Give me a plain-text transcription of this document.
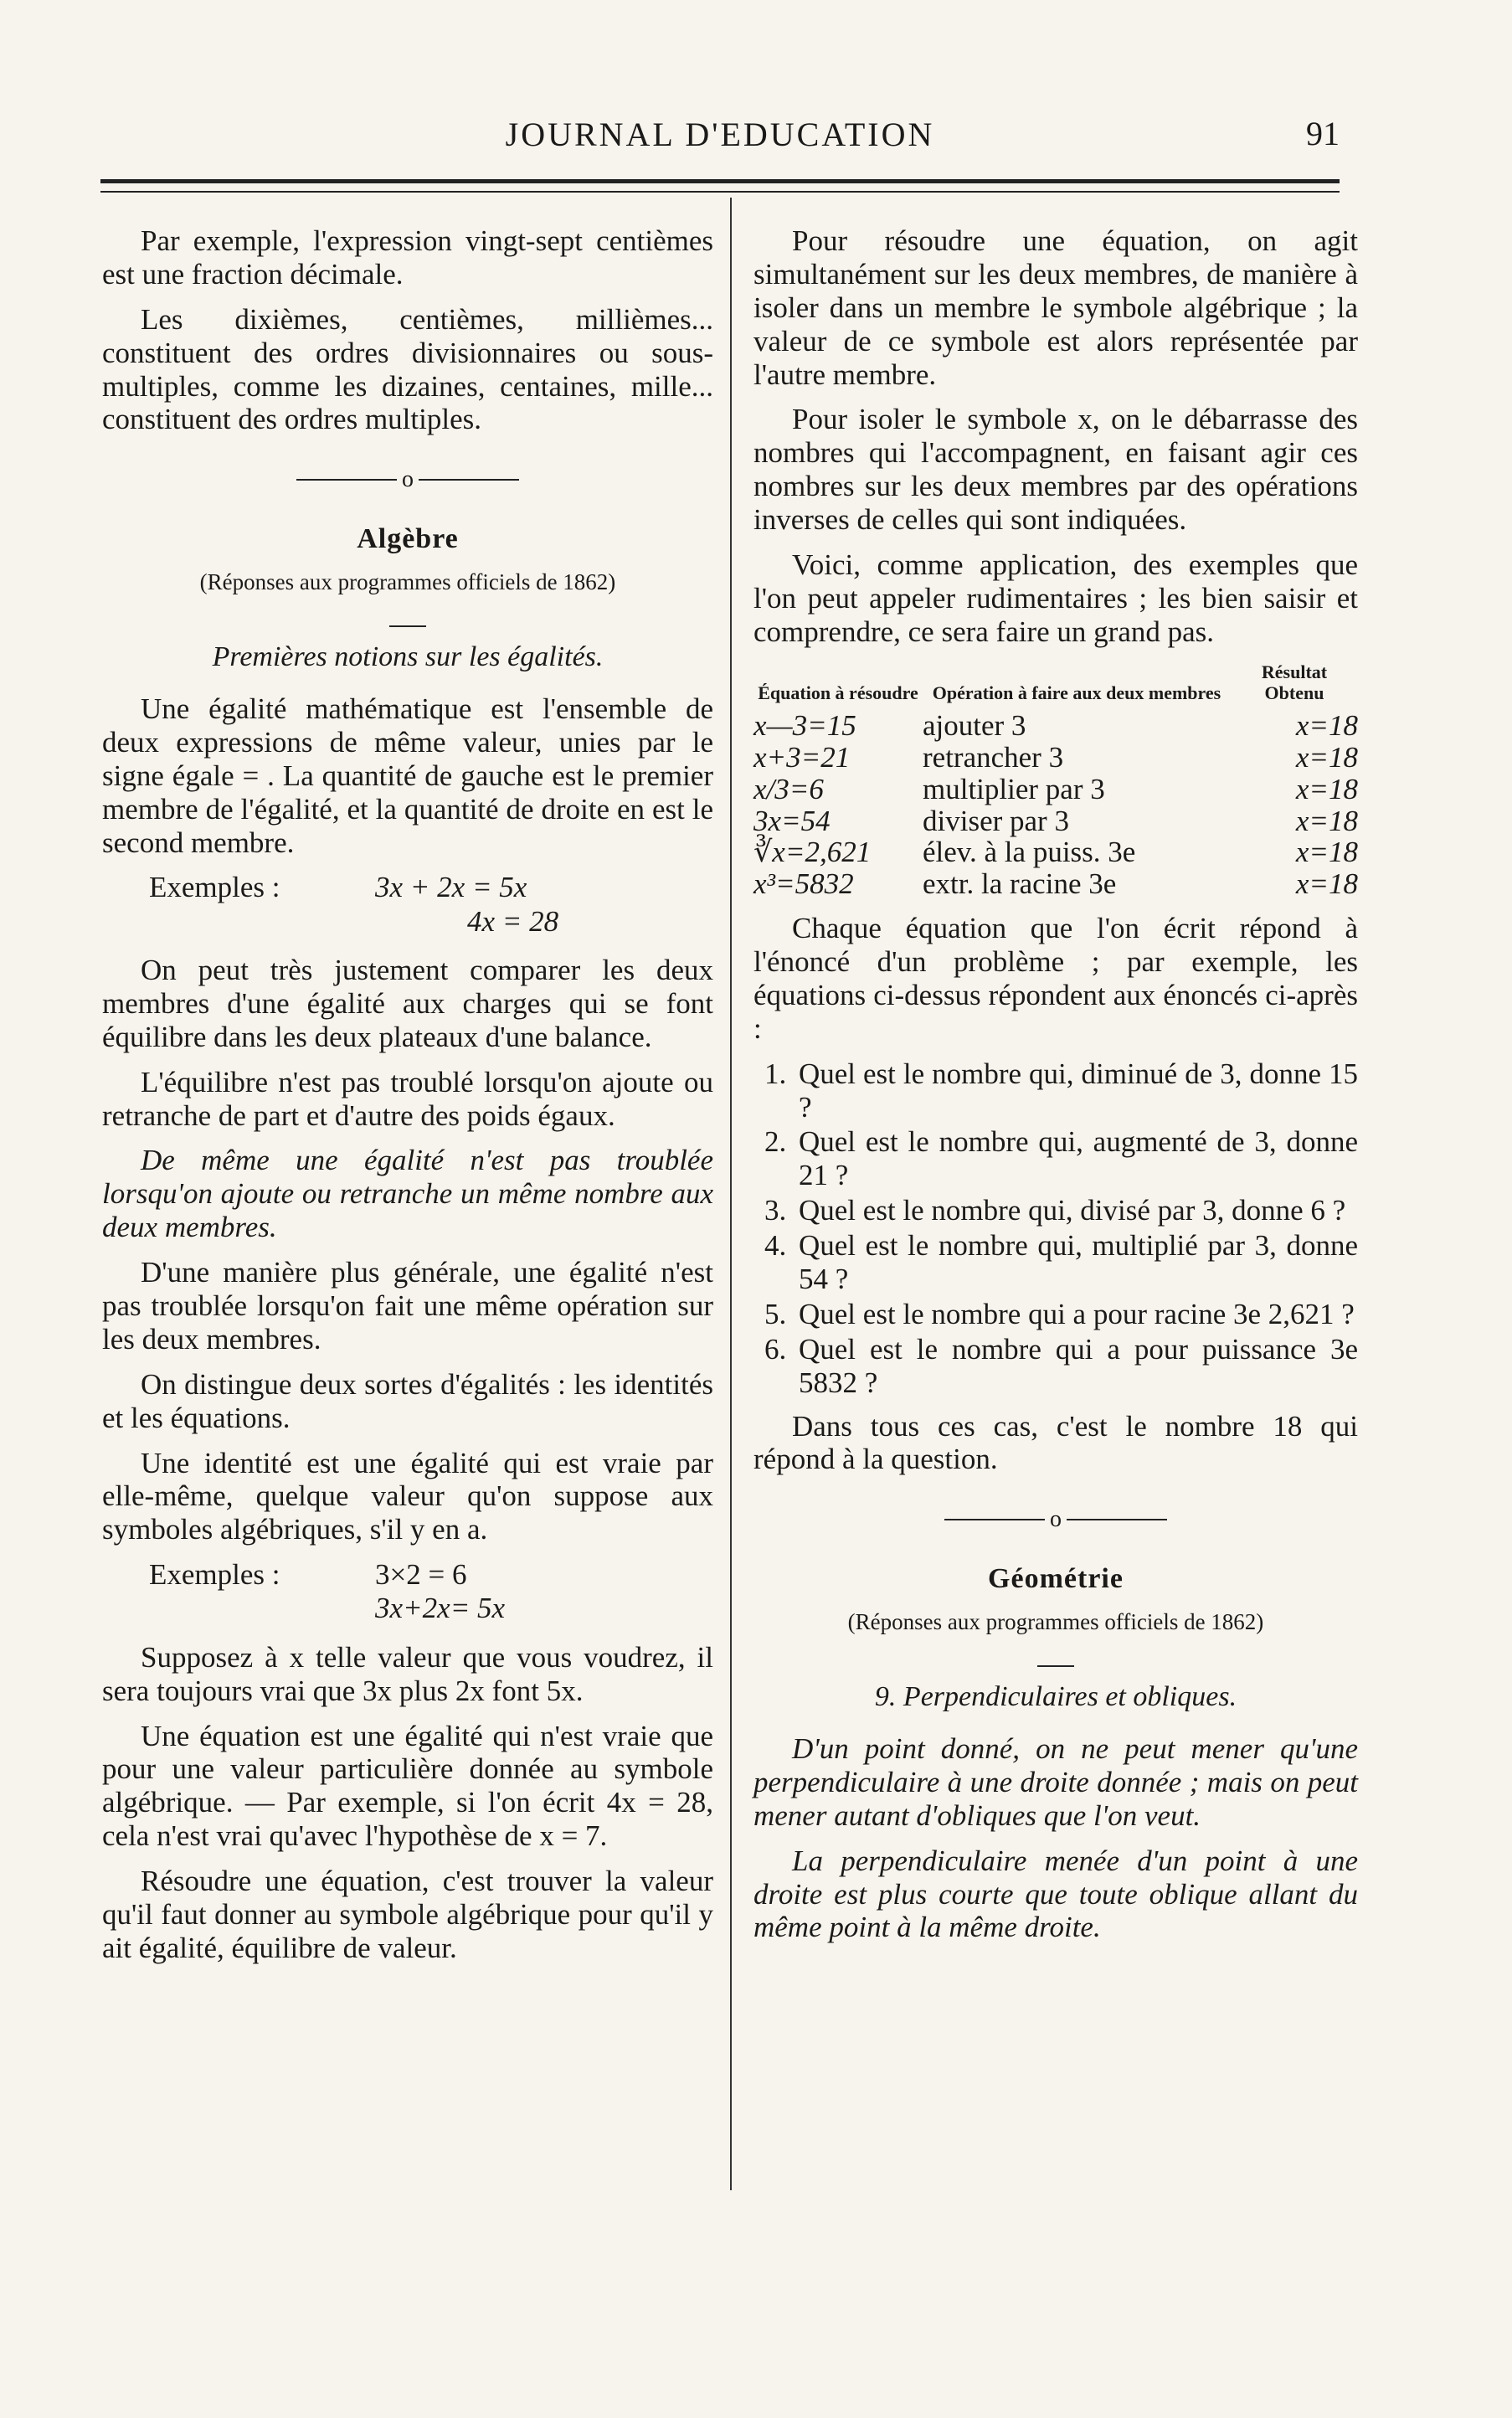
JOURNAL D'EDUCATION	91

Par exemple, l'expression vingt-sept centièmes est une fraction décimale.

Les dixièmes, centièmes, millièmes... constituent des ordres divisionnaires ou sous-multiples, comme les dizaines, centaines, mille... constituent des ordres multiples.

o
Algèbre
(Réponses aux programmes officiels de 1862)
Premières notions sur les égalités.

Une égalité mathématique est l'ensemble de deux expressions de même valeur, unies par le signe égale = . La quantité de gauche est le premier membre de l'égalité, et la quantité de droite en est le second membre.

Exemples :	3x + 2x = 5x
4x = 28

On peut très justement comparer les deux membres d'une égalité aux charges qui se font équilibre dans les deux plateaux d'une balance.

L'équilibre n'est pas troublé lorsqu'on ajoute ou retranche de part et d'autre des poids égaux.

De même une égalité n'est pas troublée lorsqu'on ajoute ou retranche un même nombre aux deux membres.

D'une manière plus générale, une égalité n'est pas troublée lorsqu'on fait une même opération sur les deux membres.

On distingue deux sortes d'égalités : les identités et les équations.

Une identité est une égalité qui est vraie par elle-même, quelque valeur qu'on suppose aux symboles algébriques, s'il y en a.

Exemples :	3×2 = 6
3x+2x= 5x

Supposez à x telle valeur que vous voudrez, il sera toujours vrai que 3x plus 2x font 5x.

Une équation est une égalité qui n'est vraie que pour une valeur particulière donnée au symbole algébrique. — Par exemple, si l'on écrit 4x = 28, cela n'est vrai qu'avec l'hypothèse de x = 7.

Résoudre une équation, c'est trouver la valeur qu'il faut donner au symbole algébrique pour qu'il y ait égalité, équilibre de valeur.

Pour résoudre une équation, on agit simultanément sur les deux membres, de manière à isoler dans un membre le symbole algébrique ; la valeur de ce symbole est alors représentée par l'autre membre.

Pour isoler le symbole x, on le débarrasse des nombres qui l'accompagnent, en faisant agir ces nombres sur les deux membres par des opérations inverses de celles qui sont indiquées.

Voici, comme application, des exemples que l'on peut appeler rudimentaires ; les bien saisir et comprendre, ce sera faire un grand pas.

Équation à résoudre	Opération à faire aux deux membres	Résultat Obtenu
x—3=15	ajouter 3	x=18
x+3=21	retrancher 3	x=18
x/3=6	multiplier par 3	x=18
3x=54	diviser par 3	x=18
∛x=2,621	élev. à la puiss. 3e	x=18
x³=5832	extr. la racine 3e	x=18

Chaque équation que l'on écrit répond à l'énoncé d'un problème ; par exemple, les équations ci-dessus répondent aux énoncés ci-après :

1. Quel est le nombre qui, diminué de 3, donne 15 ?
2. Quel est le nombre qui, augmenté de 3, donne 21 ?
3. Quel est le nombre qui, divisé par 3, donne 6 ?
4. Quel est le nombre qui, multiplié par 3, donne 54 ?
5. Quel est le nombre qui a pour racine 3e 2,621 ?
6. Quel est le nombre qui a pour puissance 3e 5832 ?

Dans tous ces cas, c'est le nombre 18 qui répond à la question.

o
Géométrie
(Réponses aux programmes officiels de 1862)
9. Perpendiculaires et obliques.

D'un point donné, on ne peut mener qu'une perpendiculaire à une droite donnée ; mais on peut mener autant d'obliques que l'on veut.

La perpendiculaire menée d'un point à une droite est plus courte que toute oblique allant du même point à la même droite.
